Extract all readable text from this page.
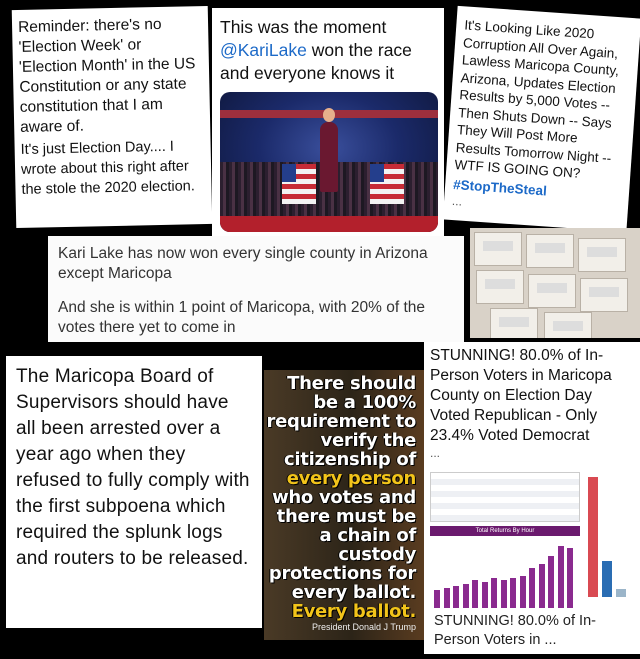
Reminder: there's no 'Election Week' or 'Election Month' in the US Constitution or any state constitution that I am aware of.

It's just Election Day.... I wrote about this right after the stole the 2020 election.

This was the moment @KariLake won the race and everyone knows it

It's Looking Like 2020 Corruption All Over Again, Lawless Maricopa County, Arizona, Updates Election Results by 5,000 Votes -- Then Shuts Down -- Says They Will Post More Results Tomorrow Night -- WTF IS GOING ON?

#StopTheSteal

...

Kari Lake has now won every single county in Arizona except Maricopa

And she is within 1 point of Maricopa, with 20% of the votes there yet to come in

The Maricopa Board of Supervisors should have all been arrested over a year ago when they refused to fully comply with the first subpoena which required the splunk logs and routers to be released.

There should be a 100% requirement to verify the citizenship of every person who votes and there must be a chain of custody protections for every ballot. Every ballot.
President Donald J Trump
STUNNING! 80.0% of In-Person Voters in Maricopa County on Election Day Voted Republican - Only 23.4% Voted Democrat
...
Total Returns By Hour
STUNNING! 80.0% of In-Person Voters in ...
